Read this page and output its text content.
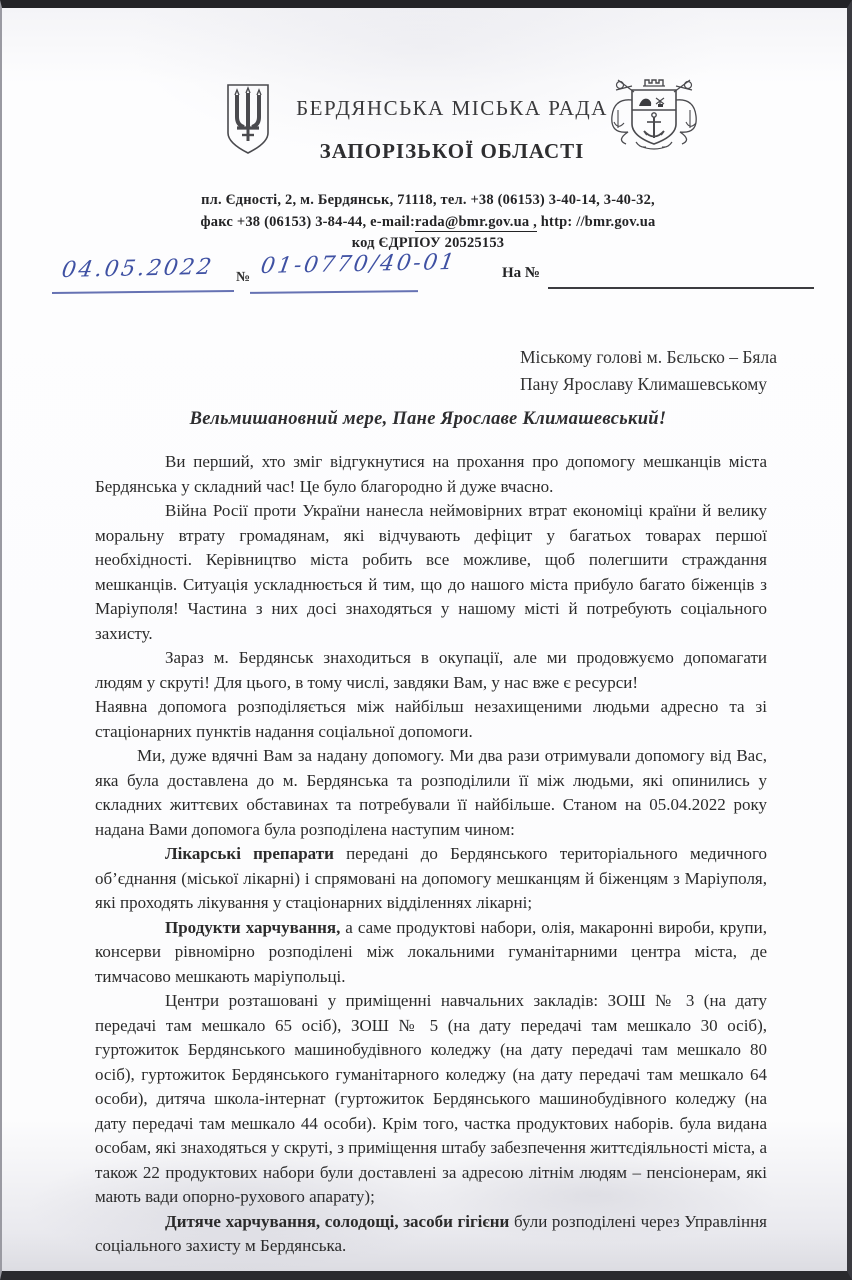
БЕРДЯНСЬКА МІСЬКА РАДА
ЗАПОРІЗЬКОЇ ОБЛАСТІ
пл. Єдності, 2, м. Бердянськ, 71118, тел. +38 (06153) 3-40-14, 3-40-32,
факс +38 (06153) 3-84-44, e-mail:rada@bmr.gov.ua , http: //bmr.gov.ua
код ЄДРПОУ 20525153
04.05.2022 № 01-0770/40-01	На №
Міському голові м. Бєльско – Бяла
Пану Ярославу Климашевському
Вельмишановний мере, Пане Ярославе Климашевський!

Ви перший, хто зміг відгукнутися на прохання про допомогу мешканців міста Бердянська у складний час! Це було благородно й дуже вчасно.

Війна Росії проти України нанесла неймовірних втрат економіці країни й велику моральну втрату громадянам, які відчувають дефіцит у багатьох товарах першої необхідності. Керівництво міста робить все можливе, щоб полегшити страждання мешканців. Ситуація ускладнюється й тим, що до нашого міста прибуло багато біженців з Маріуполя! Частина з них досі знаходяться у нашому місті й потребують соціального захисту.

Зараз м. Бердянськ знаходиться в окупації, але ми продовжуємо допомагати людям у скруті! Для цього, в тому числі, завдяки Вам, у нас вже є ресурси!

Наявна допомога розподіляється між найбільш незахищеними людьми адресно та зі стаціонарних пунктів надання соціальної допомоги.

Ми, дуже вдячні Вам за надану допомогу. Ми два рази отримували допомогу від Вас, яка була доставлена до м. Бердянська та розподілили її між людьми, які опинились у складних життєвих обставинах та потребували її найбільше. Станом на 05.04.2022 року надана Вами допомога була розподілена наступим чином:

Лікарські препарати передані до Бердянського територіального медичного об’єднання (міської лікарні) і спрямовані на допомогу мешканцям й біженцям з Маріуполя, які проходять лікування у стаціонарних відділеннях лікарні;

Продукти харчування, а саме продуктові набори, олія, макаронні вироби, крупи, консерви рівномірно розподілені між локальними гуманітарними центра міста, де тимчасово мешкають маріупольці.

Центри розташовані у приміщенні навчальних закладів: ЗОШ № 3 (на дату передачі там мешкало 65 осіб), ЗОШ № 5 (на дату передачі там мешкало 30 осіб), гуртожиток Бердянського машинобудівного коледжу (на дату передачі там мешкало 80 осіб), гуртожиток Бердянського гуманітарного коледжу (на дату передачі там мешкало 64 особи), дитяча школа-інтернат (гуртожиток Бердянського машинобудівного коледжу (на дату передачі там мешкало 44 особи). Крім того, частка продуктових наборів. була видана особам, які знаходяться у скруті, з приміщення штабу забезпечення життєдіяльності міста, а також 22 продуктових набори були доставлені за адресою літнім людям – пенсіонерам, які мають вади опорно-рухового апарату);

Дитяче харчування, солодощі, засоби гігієни були розподілені через Управління соціального захисту м Бердянська.
